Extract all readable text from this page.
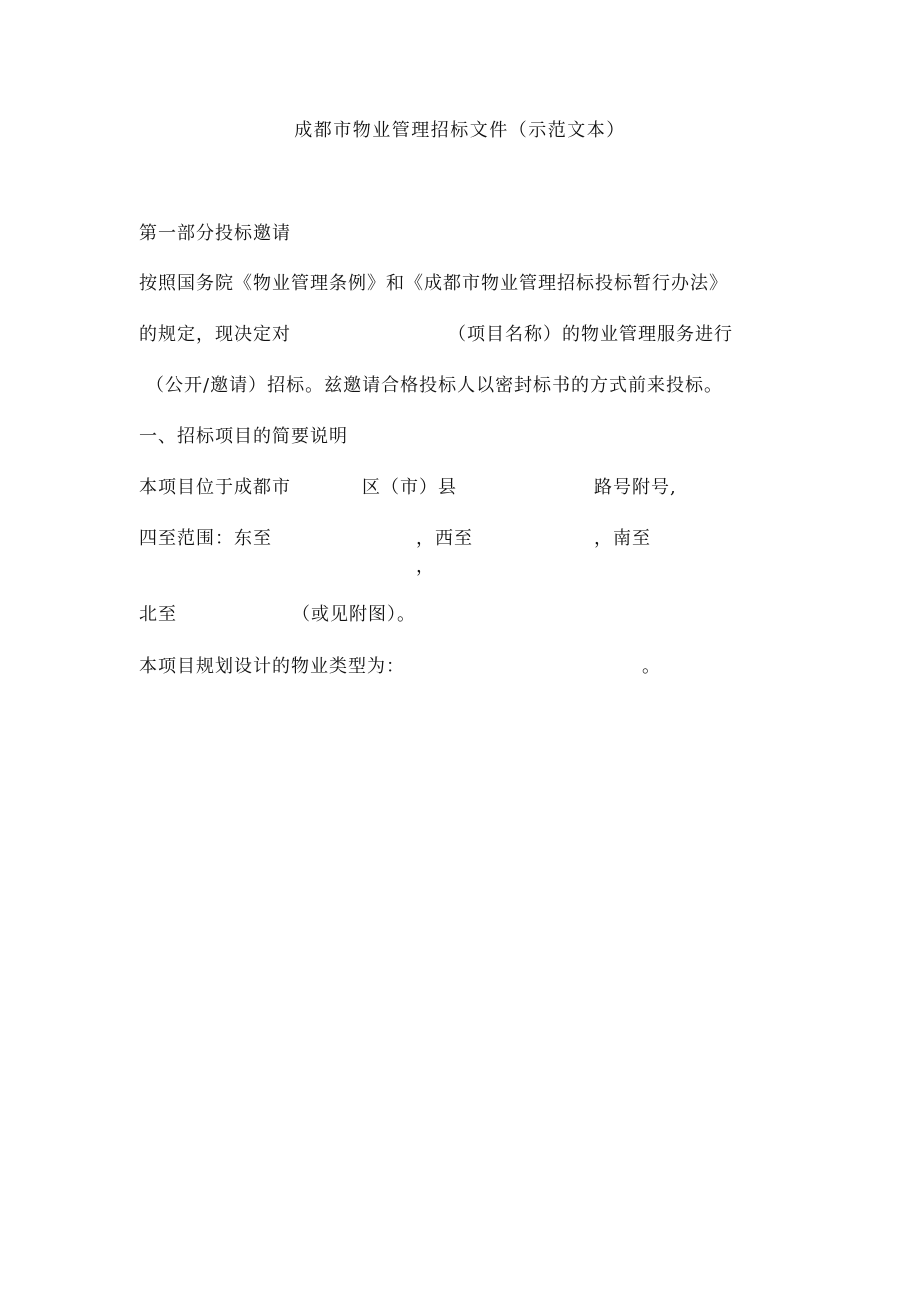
成都市物业管理招标文件（示范文本）
第一部分投标邀请
按照国务院《物业管理条例》和《成都市物业管理招标投标暂行办法》
的规定，现决定对	（项目名称）的物业管理服务进行
（公开/邀请）招标。兹邀请合格投标人以密封标书的方式前来投标。
一、招标项目的简要说明
本项目位于成都市	区（市）县	路号附号,
四至范围：东至	，西至	，南至
，
北至	（或见附图）。
本项目规划设计的物业类型为：	。
